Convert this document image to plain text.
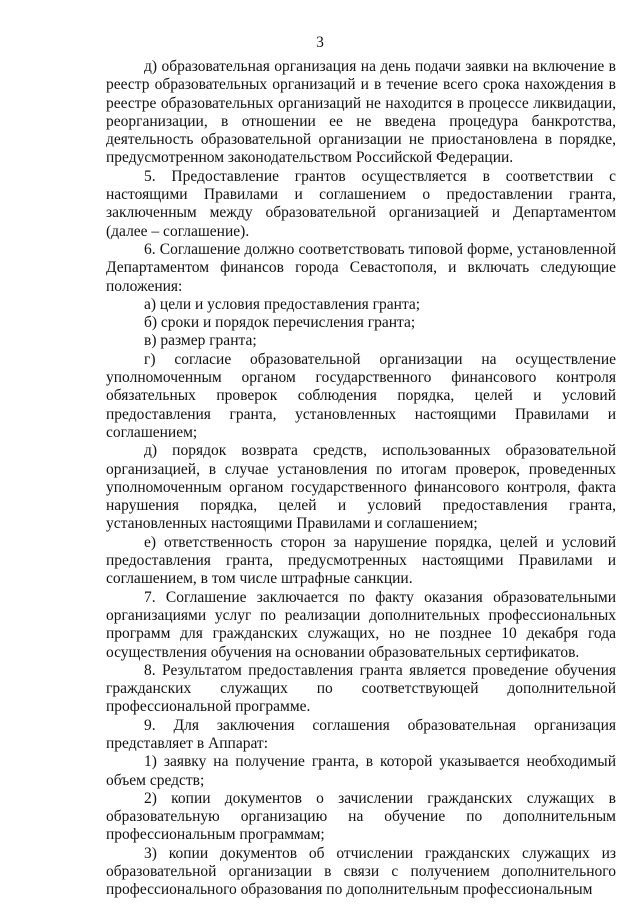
3

д) образовательная организация на день подачи заявки на включение в реестр образовательных организаций и в течение всего срока нахождения в реестре образовательных организаций не находится в процессе ликвидации, реорганизации, в отношении ее не введена процедура банкротства, деятельность образовательной организации не приостановлена в порядке, предусмотренном законодательством Российской Федерации.

5. Предоставление грантов осуществляется в соответствии с настоящими Правилами и соглашением о предоставлении гранта, заключенным между образовательной организацией и Департаментом (далее – соглашение).

6. Соглашение должно соответствовать типовой форме, установленной Департаментом финансов города Севастополя, и включать следующие положения:

а) цели и условия предоставления гранта;

б) сроки и порядок перечисления гранта;

в) размер гранта;

г) согласие образовательной организации на осуществление уполномоченным органом государственного финансового контроля обязательных проверок соблюдения порядка, целей и условий предоставления гранта, установленных настоящими Правилами и соглашением;

д) порядок возврата средств, использованных образовательной организацией, в случае установления по итогам проверок, проведенных уполномоченным органом государственного финансового контроля, факта нарушения порядка, целей и условий предоставления гранта, установленных настоящими Правилами и соглашением;

е) ответственность сторон за нарушение порядка, целей и условий предоставления гранта, предусмотренных настоящими Правилами и соглашением, в том числе штрафные санкции.

7. Соглашение заключается по факту оказания образовательными организациями услуг по реализации дополнительных профессиональных программ для гражданских служащих, но не позднее 10 декабря года осуществления обучения на основании образовательных сертификатов.

8. Результатом предоставления гранта является проведение обучения гражданских служащих по соответствующей дополнительной профессиональной программе.

9. Для заключения соглашения образовательная организация представляет в Аппарат:

1) заявку на получение гранта, в которой указывается необходимый объем средств;

2) копии документов о зачислении гражданских служащих в образовательную организацию на обучение по дополнительным профессиональным программам;

3) копии документов об отчислении гражданских служащих из образовательной организации в связи с получением дополнительного профессионального образования по дополнительным профессиональным
